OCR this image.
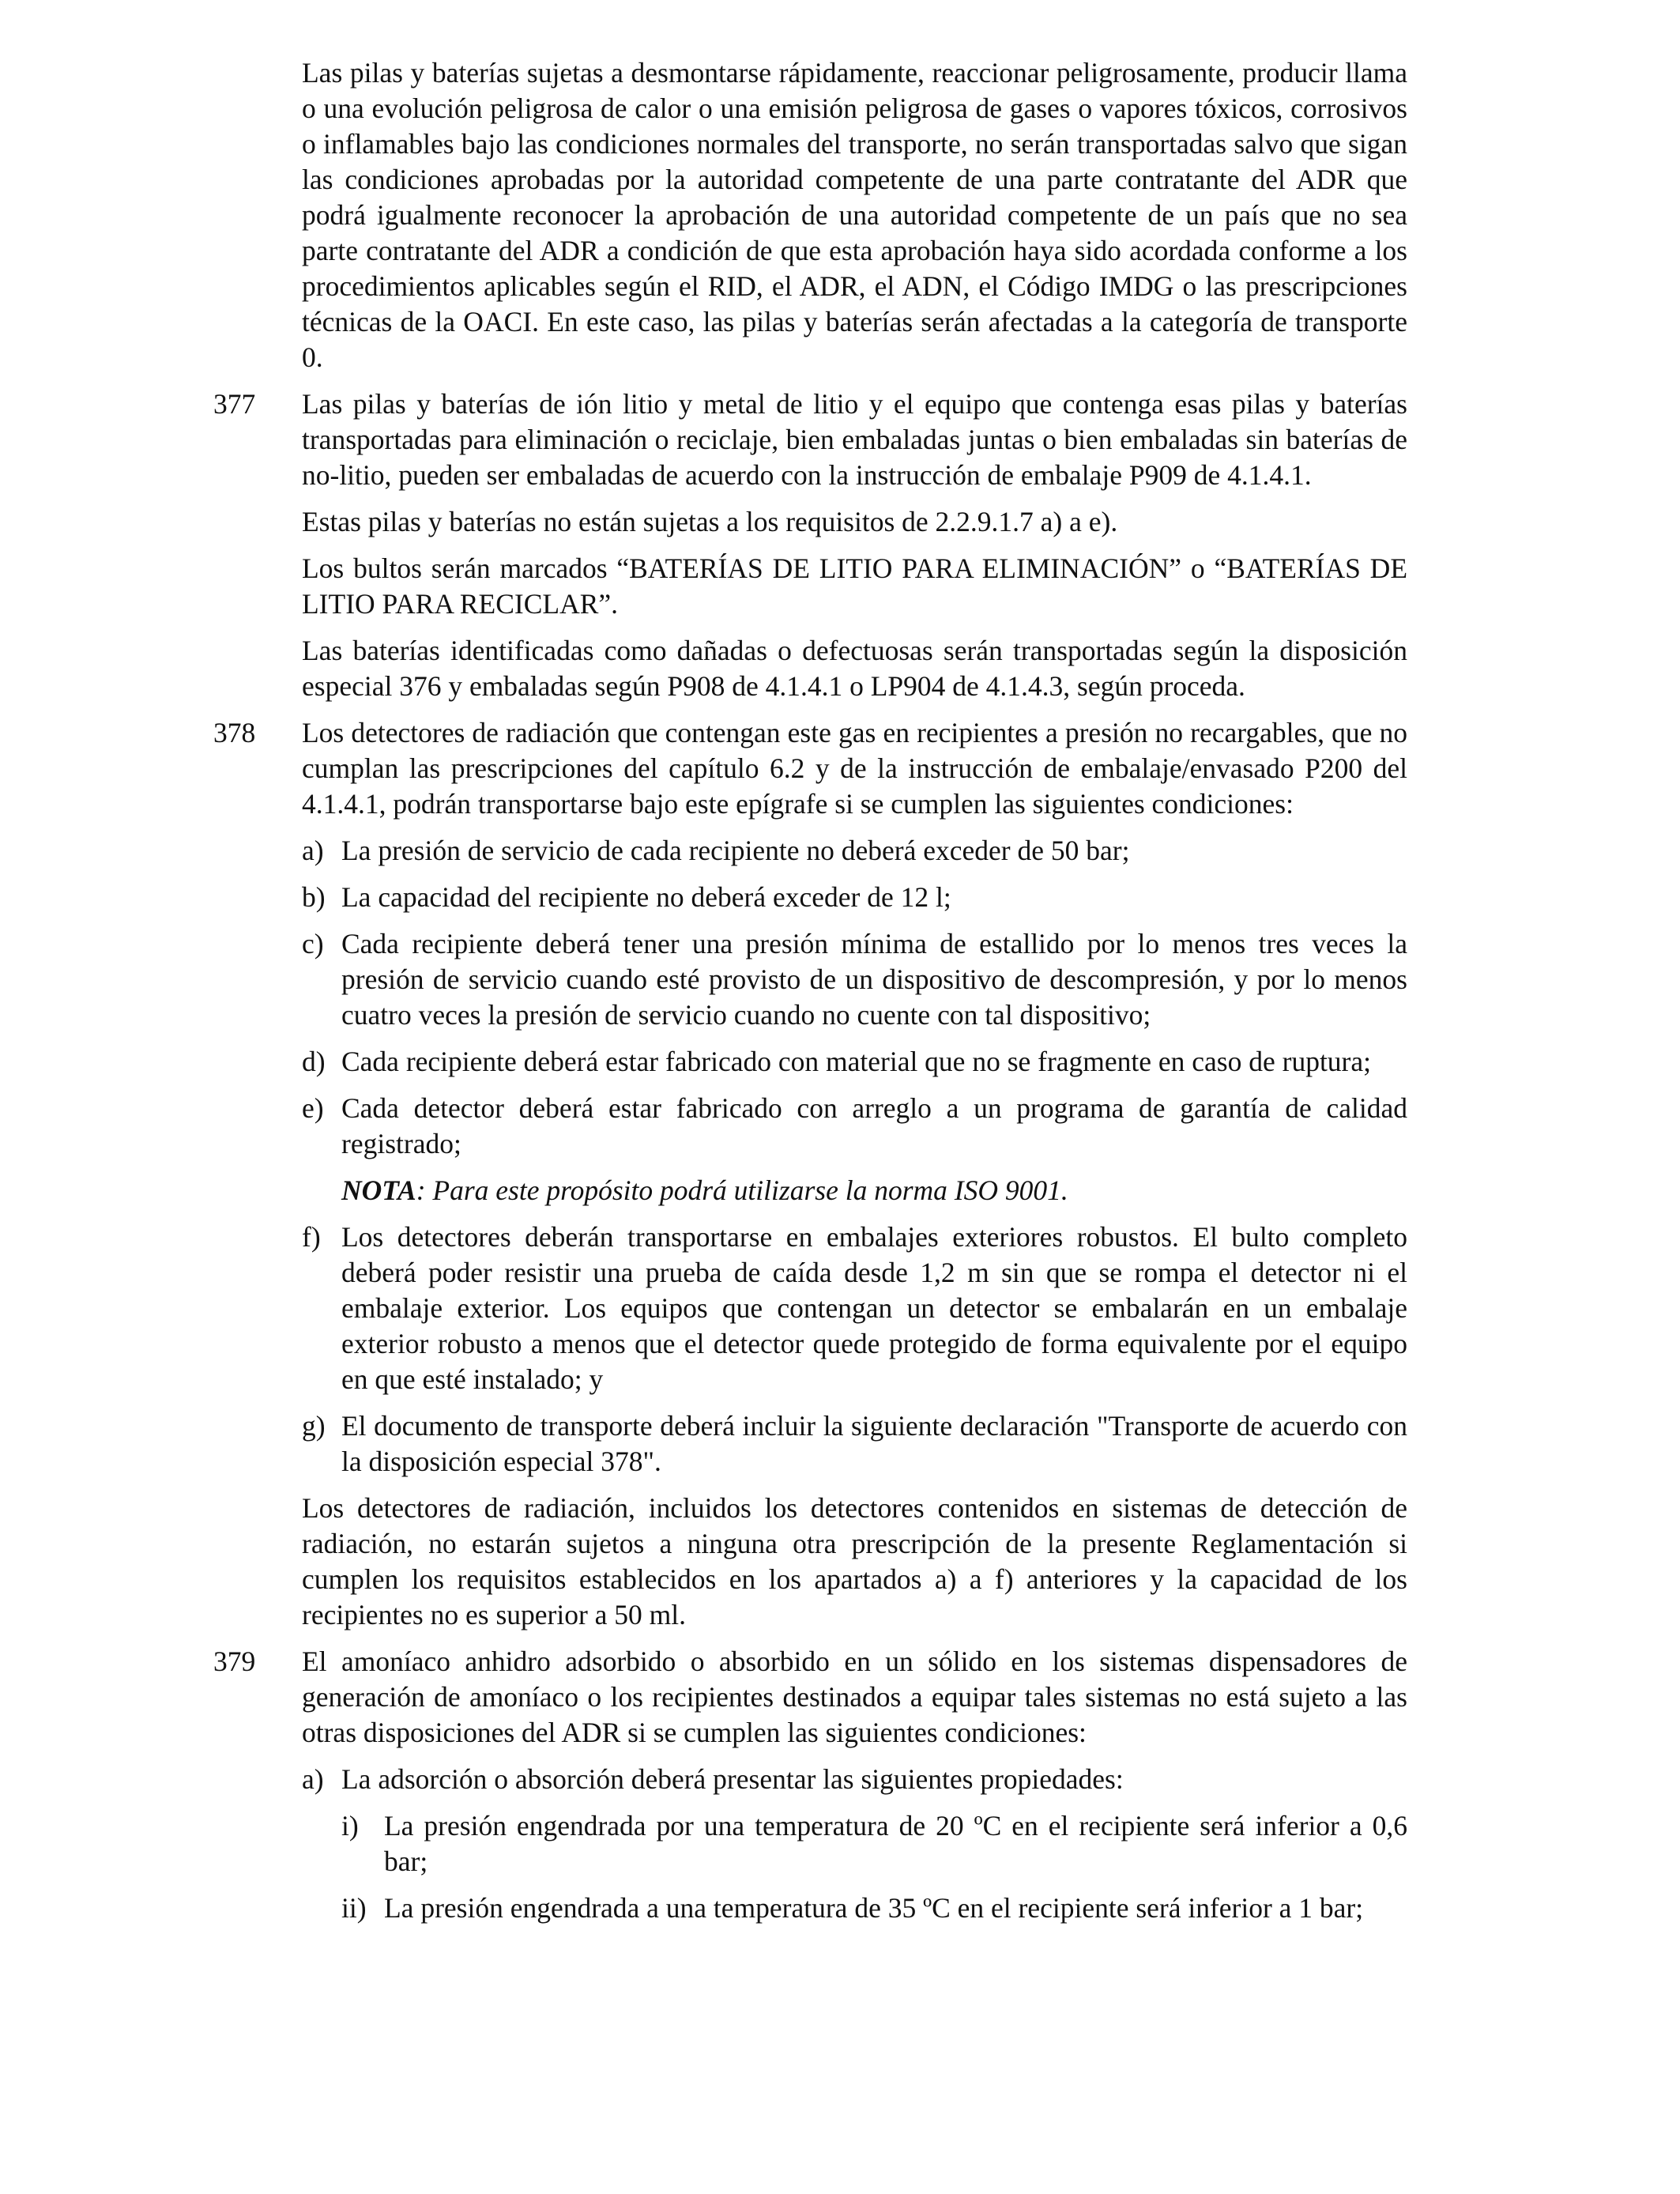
Las pilas y baterías sujetas a desmontarse rápidamente, reaccionar peligrosamente, producir llama o una evolución peligrosa de calor o una emisión peligrosa de gases o vapores tóxicos, corrosivos o inflamables bajo las condiciones normales del transporte, no serán transportadas salvo que sigan las condiciones aprobadas por la autoridad competente de una parte contratante del ADR que podrá igualmente reconocer la aprobación de una autoridad competente de un país que no sea parte contratante del ADR a condición de que esta aprobación haya sido acordada conforme a los procedimientos aplicables según el RID, el ADR, el ADN, el Código IMDG o las prescripciones técnicas de la OACI. En este caso, las pilas y baterías serán afectadas a la categoría de transporte 0.

377	Las pilas y baterías de ión litio y metal de litio y el equipo que contenga esas pilas y baterías transportadas para eliminación o reciclaje, bien embaladas juntas o bien embaladas sin baterías de no-litio, pueden ser embaladas de acuerdo con la instrucción de embalaje P909 de 4.1.4.1.

Estas pilas y baterías no están sujetas a los requisitos de 2.2.9.1.7 a) a e).

Los bultos serán marcados “BATERÍAS DE LITIO PARA ELIMINACIÓN” o “BATERÍAS DE LITIO PARA RECICLAR”.

Las baterías identificadas como dañadas o defectuosas serán transportadas según la disposición especial 376 y embaladas según P908 de 4.1.4.1 o LP904 de 4.1.4.3, según proceda.

378	Los detectores de radiación que contengan este gas en recipientes a presión no recargables, que no cumplan las prescripciones del capítulo 6.2 y de la instrucción de embalaje/envasado P200 del 4.1.4.1, podrán transportarse bajo este epígrafe si se cumplen las siguientes condiciones:

a) La presión de servicio de cada recipiente no deberá exceder de 50 bar;
b) La capacidad del recipiente no deberá exceder de 12 l;
c) Cada recipiente deberá tener una presión mínima de estallido por lo menos tres veces la presión de servicio cuando esté provisto de un dispositivo de descompresión, y por lo menos cuatro veces la presión de servicio cuando no cuente con tal dispositivo;
d) Cada recipiente deberá estar fabricado con material que no se fragmente en caso de ruptura;
e) Cada detector deberá estar fabricado con arreglo a un programa de garantía de calidad registrado;

NOTA: Para este propósito podrá utilizarse la norma ISO 9001.

f) Los detectores deberán transportarse en embalajes exteriores robustos. El bulto completo deberá poder resistir una prueba de caída desde 1,2 m sin que se rompa el detector ni el embalaje exterior. Los equipos que contengan un detector se embalarán en un embalaje exterior robusto a menos que el detector quede protegido de forma equivalente por el equipo en que esté instalado; y
g) El documento de transporte deberá incluir la siguiente declaración "Transporte de acuerdo con la disposición especial 378".

Los detectores de radiación, incluidos los detectores contenidos en sistemas de detección de radiación, no estarán sujetos a ninguna otra prescripción de la presente Reglamentación si cumplen los requisitos establecidos en los apartados a) a f) anteriores y la capacidad de los recipientes no es superior a 50 ml.

379	El amoníaco anhidro adsorbido o absorbido en un sólido en los sistemas dispensadores de generación de amoníaco o los recipientes destinados a equipar tales sistemas no está sujeto a las otras disposiciones del ADR si se cumplen las siguientes condiciones:

a) La adsorción o absorción deberá presentar las siguientes propiedades:
i) La presión engendrada por una temperatura de 20 ºC en el recipiente será inferior a 0,6 bar;
ii) La presión engendrada a una temperatura de 35 ºC en el recipiente será inferior a 1 bar;
